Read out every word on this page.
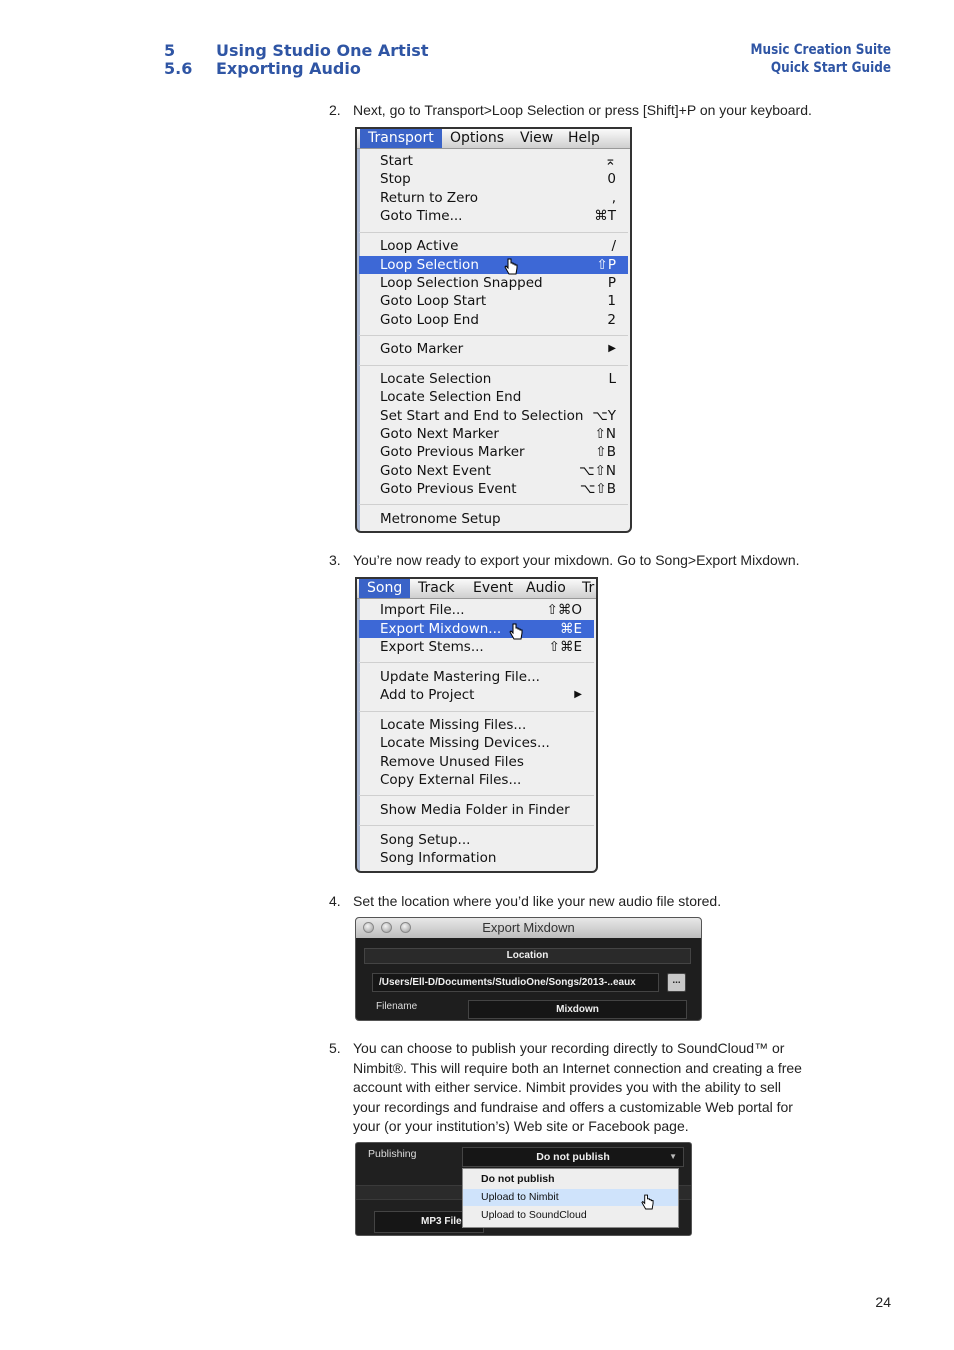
5	Using Studio One Artist
5.6 Exporting Audio
Music Creation Suite
Quick Start Guide
2. Next, go to Transport>Loop Selection or press [Shift]+P on your keyboard.
Transport	Options View Help
Start	⌅
Stop	0
Return to Zero	,
Goto Time...	⌘T
Loop Active	/
Loop Selection	⇧P
Loop Selection Snapped	P
Goto Loop Start	1
Goto Loop End	2
Goto Marker	▶
Locate Selection	L
Locate Selection End
Set Start and End to Selection ⌥Y
Goto Next Marker	⇧N
Goto Previous Marker	⇧B
Goto Next Event	⌥⇧N
Goto Previous Event	⌥⇧B
Metronome Setup
3. You’re now ready to export your mixdown. Go to Song>Export Mixdown.
Song	Track Event Audio Tr
Import File...	⇧⌘O
Export Mixdown...	⌘E
Export Stems...	⇧⌘E
Update Mastering File...
Add to Project	▶
Locate Missing Files...
Locate Missing Devices...
Remove Unused Files
Copy External Files...
Show Media Folder in Finder
Song Setup...
Song Information
4. Set the location where you’d like your new audio file stored.
Export Mixdown
Location
/Users/Ell-D/Documents/StudioOne/Songs/2013-..eaux	...
Filename	Mixdown
5. You can choose to publish your recording directly to SoundCloud™ or Nimbit®. This will require both an Internet connection and creating a free account with either service. Nimbit provides you with the ability to sell your recordings and fundraise and offers a customizable Web portal for your (or your institution’s) Web site or Facebook page.
Publishing	Do not publish	▼
MP3 File
Do not publish
Upload to Nimbit
Upload to SoundCloud
24
